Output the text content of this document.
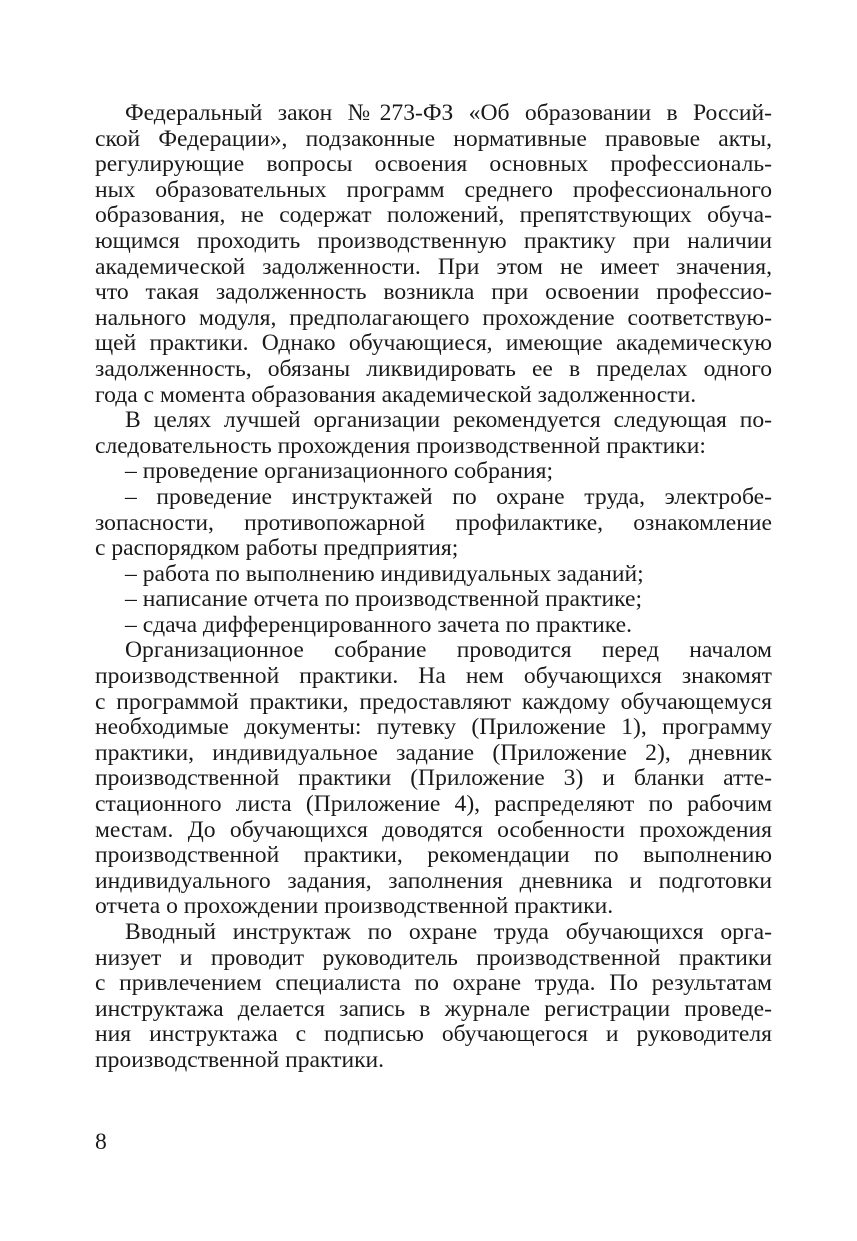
Федеральный закон №273-ФЗ «Об образовании в Россий-
ской Федерации», подзаконные нормативные правовые акты,
регулирующие вопросы освоения основных профессиональ-
ных образовательных программ среднего профессионального
образования, не содержат положений, препятствующих обуча-
ющимся проходить производственную практику при наличии
академической задолженности. При этом не имеет значения,
что такая задолженность возникла при освоении профессио-
нального модуля, предполагающего прохождение соответствую-
щей практики. Однако обучающиеся, имеющие академическую
задолженность, обязаны ликвидировать ее в пределах одного
года с момента образования академической задолженности.
В целях лучшей организации рекомендуется следующая по-
следовательность прохождения производственной практики:
– проведение организационного собрания;
– проведение инструктажей по охране труда, электробе-
зопасности, противопожарной профилактике, ознакомление
с распорядком работы предприятия;
– работа по выполнению индивидуальных заданий;
– написание отчета по производственной практике;
– сдача дифференцированного зачета по практике.
Организационное собрание проводится перед началом
производственной практики. На нем обучающихся знакомят
с программой практики, предоставляют каждому обучающемуся
необходимые документы: путевку (Приложение 1), программу
практики, индивидуальное задание (Приложение 2), дневник
производственной практики (Приложение 3) и бланки атте-
стационного листа (Приложение 4), распределяют по рабочим
местам. До обучающихся доводятся особенности прохождения
производственной практики, рекомендации по выполнению
индивидуального задания, заполнения дневника и подготовки
отчета о прохождении производственной практики.
Вводный инструктаж по охране труда обучающихся орга-
низует и проводит руководитель производственной практики
с привлечением специалиста по охране труда. По результатам
инструктажа делается запись в журнале регистрации проведе-
ния инструктажа с подписью обучающегося и руководителя
производственной практики.
8
